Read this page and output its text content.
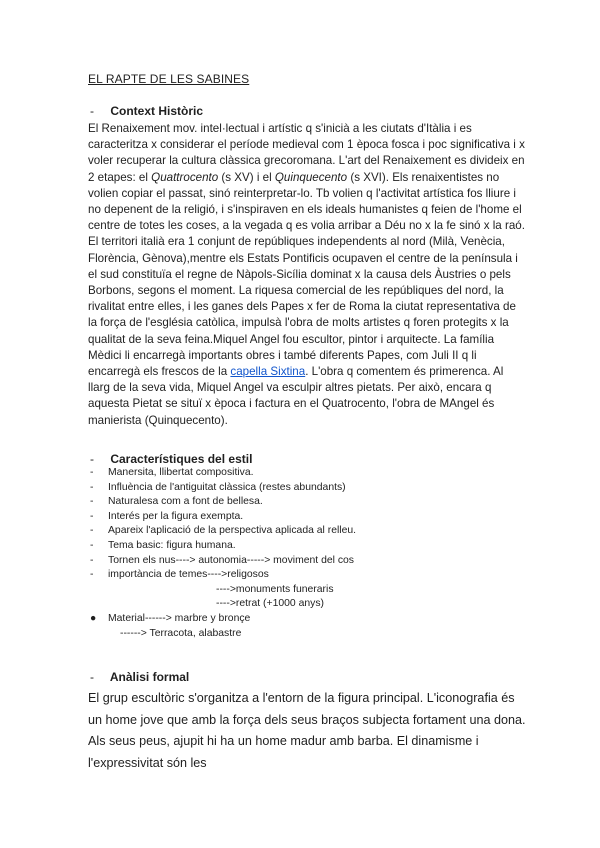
EL RAPTE DE LES SABINES
- Context Històric
El Renaixement mov. intel·lectual i artístic q s'inicià a les ciutats d'Itàlia i es caracteritza x considerar el període medieval com 1 època fosca i poc significativa i x voler recuperar la cultura clàssica grecoromana. L'art del Renaixement es divideix en 2 etapes: el Quattrocento (s XV) i el Quinquecento (s XVI). Els renaixentistes no volien copiar el passat, sinó reinterpretar-lo. Tb volien q l'activitat artística fos lliure i no depenent de la religió, i s'inspiraven en els ideals humanistes q feien de l'home el centre de totes les coses, a la vegada q es volia arribar a Déu no x la fe sinó x la raó. El territori italià era 1 conjunt de repúbliques independents al nord (Milà, Venècia, Florència, Gènova),mentre els Estats Pontificis ocupaven el centre de la península i el sud constituïa el regne de Nàpols-Sicília dominat x la causa dels Àustries o pels Borbons, segons el moment. La riquesa comercial de les repúbliques del nord, la rivalitat entre elles, i les ganes dels Papes x fer de Roma la ciutat representativa de la força de l'església catòlica, impulsà l'obra de molts artistes q foren protegits x la qualitat de la seva feina.Miquel Angel fou escultor, pintor i arquitecte. La família Mèdici li encarregà importants obres i també diferents Papes, com Juli II q li encarregà els frescos de la capella Sixtina. L'obra q comentem és primerenca. Al llarg de la seva vida, Miquel Angel va esculpir altres pietats. Per això, encara q aquesta Pietat se situï x època i factura en el Quatrocento, l'obra de MAngel és manierista (Quinquecento).
- Característiques del estil
-	Manersita, llibertat compositiva.
-	Influència de l'antiguitat clàssica (restes abundants)
-	Naturalesa com a font de bellesa.
-	Interés per la figura exempta.
-	Apareix l'aplicació de la perspectiva aplicada al relleu.
-	Tema basic: figura humana.
-	Tornen els nus----> autonomia-----> moviment del cos
-	importància de temes---->religosos
---->monuments funeraris
---->retrat (+1000 anys)
●	Material------> marbre y bronçe
------> Terracota, alabastre
- Anàlisi formal
El grup escultòric s'organitza a l'entorn de la figura principal. L'iconografia és un home jove que amb la força dels seus braços subjecta fortament una dona. Als seus peus, ajupit hi ha un home madur amb barba. El dinamisme i l'expressivitat són les
